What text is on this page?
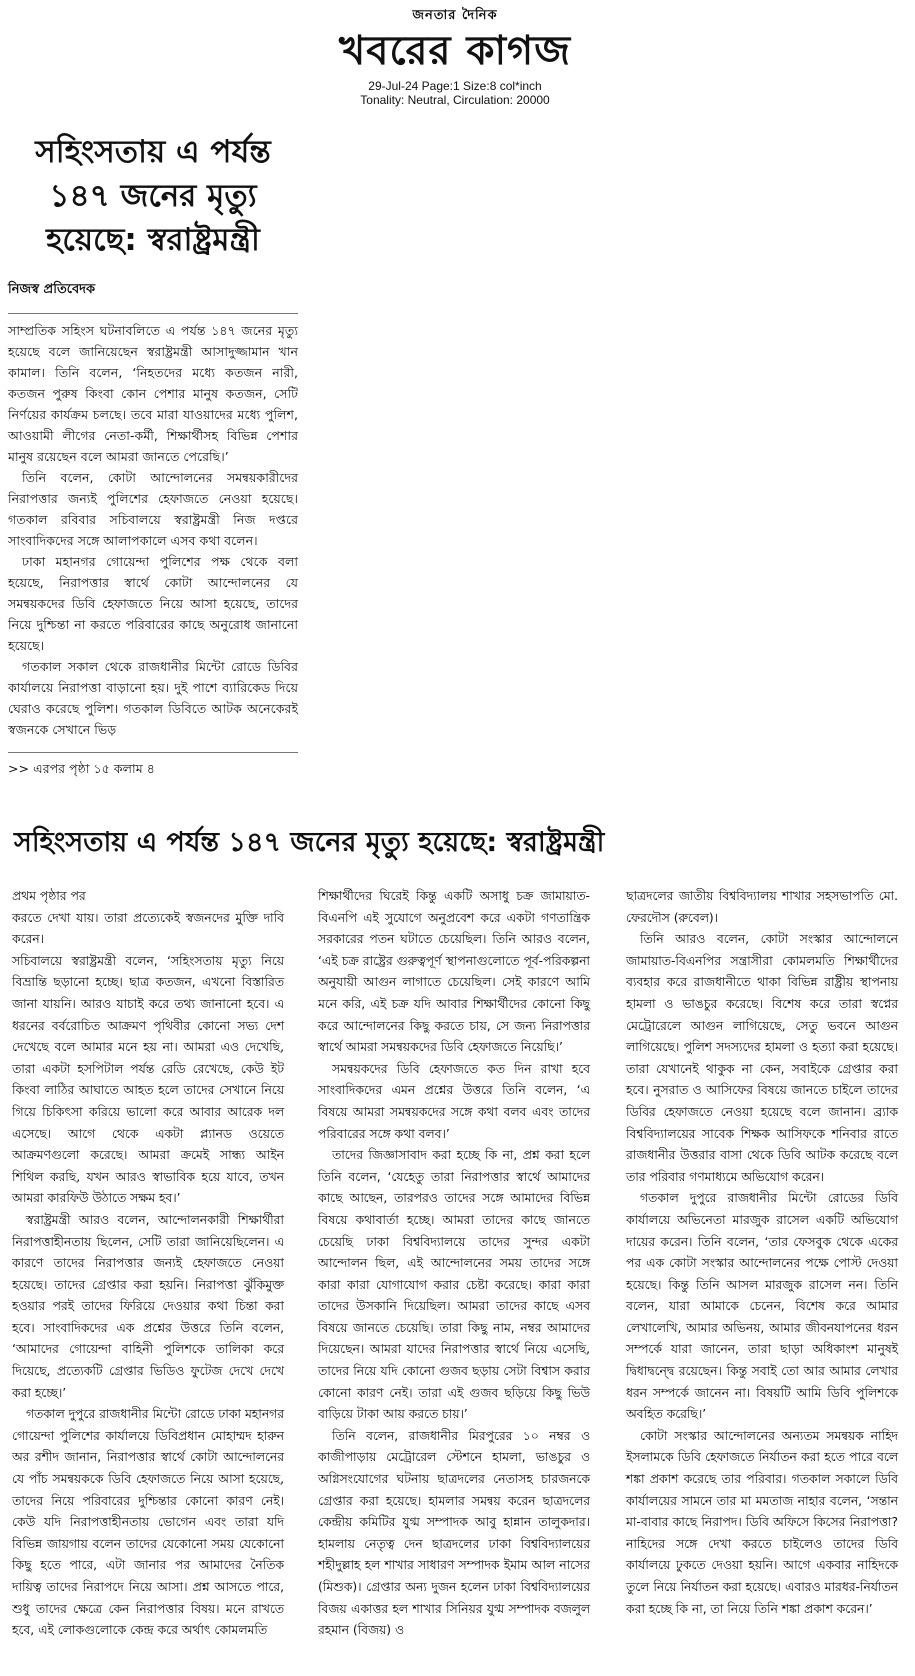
জনতার দৈনিক
খবরের কাগজ
29-Jul-24 Page:1 Size:8 col*inch
Tonality: Neutral, Circulation: 20000
সহিংসতায় এ পর্যন্ত ১৪৭ জনের মৃত্যু হয়েছে: স্বরাষ্ট্রমন্ত্রী
নিজস্ব প্রতিবেদক

সাম্প্রতিক সহিংস ঘটনাবলিতে এ পর্যন্ত ১৪৭ জনের মৃত্যু হয়েছে বলে জানিয়েছেন স্বরাষ্ট্রমন্ত্রী আসাদুজ্জামান খান কামাল। তিনি বলেন, ‘নিহতদের মধ্যে কতজন নারী, কতজন পুরুষ কিংবা কোন পেশার মানুষ কতজন, সেটি নির্ণয়ের কার্যক্রম চলছে। তবে মারা যাওয়াদের মধ্যে পুলিশ, আওয়ামী লীগের নেতা-কর্মী, শিক্ষার্থীসহ বিভিন্ন পেশার মানুষ রয়েছেন বলে আমরা জানতে পেরেছি।’

তিনি বলেন, কোটা আন্দোলনের সমন্বয়কারীদের নিরাপত্তার জন্যই পুলিশের হেফাজতে নেওয়া হয়েছে। গতকাল রবিবার সচিবালয়ে স্বরাষ্ট্রমন্ত্রী নিজ দপ্তরে সাংবাদিকদের সঙ্গে আলাপকালে এসব কথা বলেন।

ঢাকা মহানগর গোয়েন্দা পুলিশের পক্ষ থেকে বলা হয়েছে, নিরাপত্তার স্বার্থে কোটা আন্দোলনের যে সমন্বয়কদের ডিবি হেফাজতে নিয়ে আসা হয়েছে, তাদের নিয়ে দুশ্চিন্তা না করতে পরিবারের কাছে অনুরোধ জানানো হয়েছে।

গতকাল সকাল থেকে রাজধানীর মিন্টো রোডে ডিবির কার্যালয়ে নিরাপত্তা বাড়ানো হয়। দুই পাশে ব্যারিকেড দিয়ে ঘেরাও করেছে পুলিশ। গতকাল ডিবিতে আটক অনেকেরই স্বজনকে সেখানে ভিড়

>> এরপর পৃষ্ঠা ১৫ কলাম ৪
সহিংসতায় এ পর্যন্ত ১৪৭ জনের মৃত্যু হয়েছে: স্বরাষ্ট্রমন্ত্রী
প্রথম পৃষ্ঠার পর

করতে দেখা যায়। তারা প্রত্যেকেই স্বজনদের মুক্তি দাবি করেন।

সচিবালয়ে স্বরাষ্ট্রমন্ত্রী বলেন, ‘সহিংসতায় মৃত্যু নিয়ে বিভ্রান্তি ছড়ানো হচ্ছে। ছাত্র কতজন, এখনো বিস্তারিত জানা যায়নি। আরও যাচাই করে তথ্য জানানো হবে। এ ধরনের বর্বরোচিত আক্রমণ পৃথিবীর কোনো সভ্য দেশ দেখেছে বলে আমার মনে হয় না। আমরা এও দেখেছি, তারা একটা হসপিটাল পর্যন্ত রেডি রেখেছে, কেউ ইট কিংবা লাঠির আঘাতে আহত হলে তাদের সেখানে নিয়ে গিয়ে চিকিৎসা করিয়ে ভালো করে আবার আরেক দল এসেছে। আগে থেকে একটা প্ল্যানড ওয়েতে আক্রমণগুলো করেছে। আমরা ক্রমেই সান্ধ্য আইন শিথিল করছি, যখন আরও স্বাভাবিক হয়ে যাবে, তখন আমরা কারফিউ উঠাতে সক্ষম হব।’

স্বরাষ্ট্রমন্ত্রী আরও বলেন, আন্দোলনকারী শিক্ষার্থীরা নিরাপত্তাহীনতায় ছিলেন, সেটি তারা জানিয়েছিলেন। এ কারণে তাদের নিরাপত্তার জন্যই হেফাজতে নেওয়া হয়েছে। তাদের গ্রেপ্তার করা হয়নি। নিরাপত্তা ঝুঁকিমুক্ত হওয়ার পরই তাদের ফিরিয়ে দেওয়ার কথা চিন্তা করা হবে। সাংবাদিকদের এক প্রশ্নের উত্তরে তিনি বলেন, ‘আমাদের গোয়েন্দা বাহিনী পুলিশকে তালিকা করে দিয়েছে, প্রত্যেকটি গ্রেপ্তার ভিডিও ফুটেজ দেখে দেখে করা হচ্ছে।’

গতকাল দুপুরে রাজধানীর মিন্টো রোডে ঢাকা মহানগর গোয়েন্দা পুলিশের কার্যালয়ে ডিবিপ্রধান মোহাম্মদ হারুন অর রশীদ জানান, নিরাপত্তার স্বার্থে কোটা আন্দোলনের যে পাঁচ সমন্বয়ককে ডিবি হেফাজতে নিয়ে আসা হয়েছে, তাদের নিয়ে পরিবারের দুশ্চিন্তার কোনো কারণ নেই। কেউ যদি নিরাপত্তাহীনতায় ভোগেন এবং তারা যদি বিভিন্ন জায়গায় বলেন তাদের যেকোনো সময় যেকোনো কিছু হতে পারে, এটা জানার পর আমাদের নৈতিক দায়িত্ব তাদের নিরাপদে নিয়ে আসা। প্রশ্ন আসতে পারে, শুধু তাদের ক্ষেত্রে কেন নিরাপত্তার বিষয়। মনে রাখতে হবে, এই লোকগুলোকে কেন্দ্র করে অর্থাৎ কোমলমতি

শিক্ষার্থীদের ঘিরেই কিন্তু একটি অসাধু চক্র জামায়াত-বিএনপি এই সুযোগে অনুপ্রবেশ করে একটা গণতান্ত্রিক সরকারের পতন ঘটাতে চেয়েছিল। তিনি আরও বলেন, ‘এই চক্র রাষ্ট্রের গুরুত্বপূর্ণ স্থাপনাগুলোতে পূর্ব-পরিকল্পনা অনুযায়ী আগুন লাগাতে চেয়েছিল। সেই কারণে আমি মনে করি, এই চক্র যদি আবার শিক্ষার্থীদের কোনো কিছু করে আন্দোলনের কিছু করতে চায়, সে জন্য নিরাপত্তার স্বার্থে আমরা সমন্বয়কদের ডিবি হেফাজতে নিয়েছি।’

সমন্বয়কদের ডিবি হেফাজতে কত দিন রাখা হবে সাংবাদিকদের এমন প্রশ্নের উত্তরে তিনি বলেন, ‘এ বিষয়ে আমরা সমন্বয়কদের সঙ্গে কথা বলব এবং তাদের পরিবারের সঙ্গে কথা বলব।’

তাদের জিজ্ঞাসাবাদ করা হচ্ছে কি না, প্রশ্ন করা হলে তিনি বলেন, ‘যেহেতু তারা নিরাপত্তার স্বার্থে আমাদের কাছে আছেন, তারপরও তাদের সঙ্গে আমাদের বিভিন্ন বিষয়ে কথাবার্তা হচ্ছে। আমরা তাদের কাছে জানতে চেয়েছি ঢাকা বিশ্ববিদ্যালয়ে তাদের সুন্দর একটা আন্দোলন ছিল, এই আন্দোলনের সময় তাদের সঙ্গে কারা কারা যোগাযোগ করার চেষ্টা করেছে। কারা কারা তাদের উসকানি দিয়েছিল। আমরা তাদের কাছে এসব বিষয়ে জানতে চেয়েছি। তারা কিছু নাম, নম্বর আমাদের দিয়েছেন। আমরা যাদের নিরাপত্তার স্বার্থে নিয়ে এসেছি, তাদের নিয়ে যদি কোনো গুজব ছড়ায় সেটা বিশ্বাস করার কোনো কারণ নেই। তারা এই গুজব ছড়িয়ে কিছু ভিউ বাড়িয়ে টাকা আয় করতে চায়।’

তিনি বলেন, রাজধানীর মিরপুরের ১০ নম্বর ও কাজীপাড়ায় মেট্রোরেল স্টেশনে হামলা, ভাঙচুর ও অগ্নিসংযোগের ঘটনায় ছাত্রদলের নেতাসহ চারজনকে গ্রেপ্তার করা হয়েছে। হামলার সমন্বয় করেন ছাত্রদলের কেন্দ্রীয় কমিটির যুগ্ম সম্পাদক আবু হান্নান তালুকদার। হামলায় নেতৃত্ব দেন ছাত্রদলের ঢাকা বিশ্ববিদ্যালয়ের শহীদুল্লাহ হল শাখার সাধারণ সম্পাদক ইমাম আল নাসের (মিশুক)। গ্রেপ্তার অন্য দুজন হলেন ঢাকা বিশ্ববিদ্যালয়ের বিজয় একাত্তর হল শাখার সিনিয়র যুগ্ম সম্পাদক বজলুল রহমান (বিজয়) ও

ছাত্রদলের জাতীয় বিশ্ববিদ্যালয় শাখার সহসভাপতি মো. ফেরদৌস (রুবেল)।

তিনি আরও বলেন, কোটা সংস্কার আন্দোলনে জামায়াত-বিএনপির সন্ত্রাসীরা কোমলমতি শিক্ষার্থীদের ব্যবহার করে রাজধানীতে থাকা বিভিন্ন রাষ্ট্রীয় স্থাপনায় হামলা ও ভাঙচুর করেছে। বিশেষ করে তারা স্বপ্নের মেট্রোরেলে আগুন লাগিয়েছে, সেতু ভবনে আগুন লাগিয়েছে। পুলিশ সদস্যদের হামলা ও হত্যা করা হয়েছে। তারা যেখানেই থাকুক না কেন, সবাইকে গ্রেপ্তার করা হবে। নুসরাত ও আসিফের বিষয়ে জানতে চাইলে তাদের ডিবির হেফাজতে নেওয়া হয়েছে বলে জানান। ব্র্যাক বিশ্ববিদ্যালয়ের সাবেক শিক্ষক আসিফকে শনিবার রাতে রাজধানীর উত্তরার বাসা থেকে ডিবি আটক করেছে বলে তার পরিবার গণমাধ্যমে অভিযোগ করেন।

গতকাল দুপুরে রাজধানীর মিন্টো রোডের ডিবি কার্যালয়ে অভিনেতা মারজুক রাসেল একটি অভিযোগ দায়ের করেন। তিনি বলেন, ‘তার ফেসবুক থেকে একের পর এক কোটা সংস্কার আন্দোলনের পক্ষে পোস্ট দেওয়া হয়েছে। কিন্তু তিনি আসল মারজুক রাসেল নন। তিনি বলেন, যারা আমাকে চেনেন, বিশেষ করে আমার লেখালেখি, আমার অভিনয়, আমার জীবনযাপনের ধরন সম্পর্কে যারা জানেন, তারা ছাড়া অধিকাংশ মানুষই দ্বিধাদ্বন্দ্বে রয়েছেন। কিন্তু সবাই তো আর আমার লেখার ধরন সম্পর্কে জানেন না। বিষয়টি আমি ডিবি পুলিশকে অবহিত করেছি।’

কোটা সংস্কার আন্দোলনের অন্যতম সমন্বয়ক নাহিদ ইসলামকে ডিবি হেফাজতে নির্যাতন করা হতে পারে বলে শঙ্কা প্রকাশ করেছে তার পরিবার। গতকাল সকালে ডিবি কার্যালয়ের সামনে তার মা মমতাজ নাহার বলেন, ‘সন্তান মা-বাবার কাছে নিরাপদ। ডিবি অফিসে কিসের নিরাপত্তা? নাহিদের সঙ্গে দেখা করতে চাইলেও তাদের ডিবি কার্যালয়ে ঢুকতে দেওয়া হয়নি। আগে একবার নাহিদকে তুলে নিয়ে নির্যাতন করা হয়েছে। এবারও মারধর-নির্যাতন করা হচ্ছে কি না, তা নিয়ে তিনি শঙ্কা প্রকাশ করেন।’
